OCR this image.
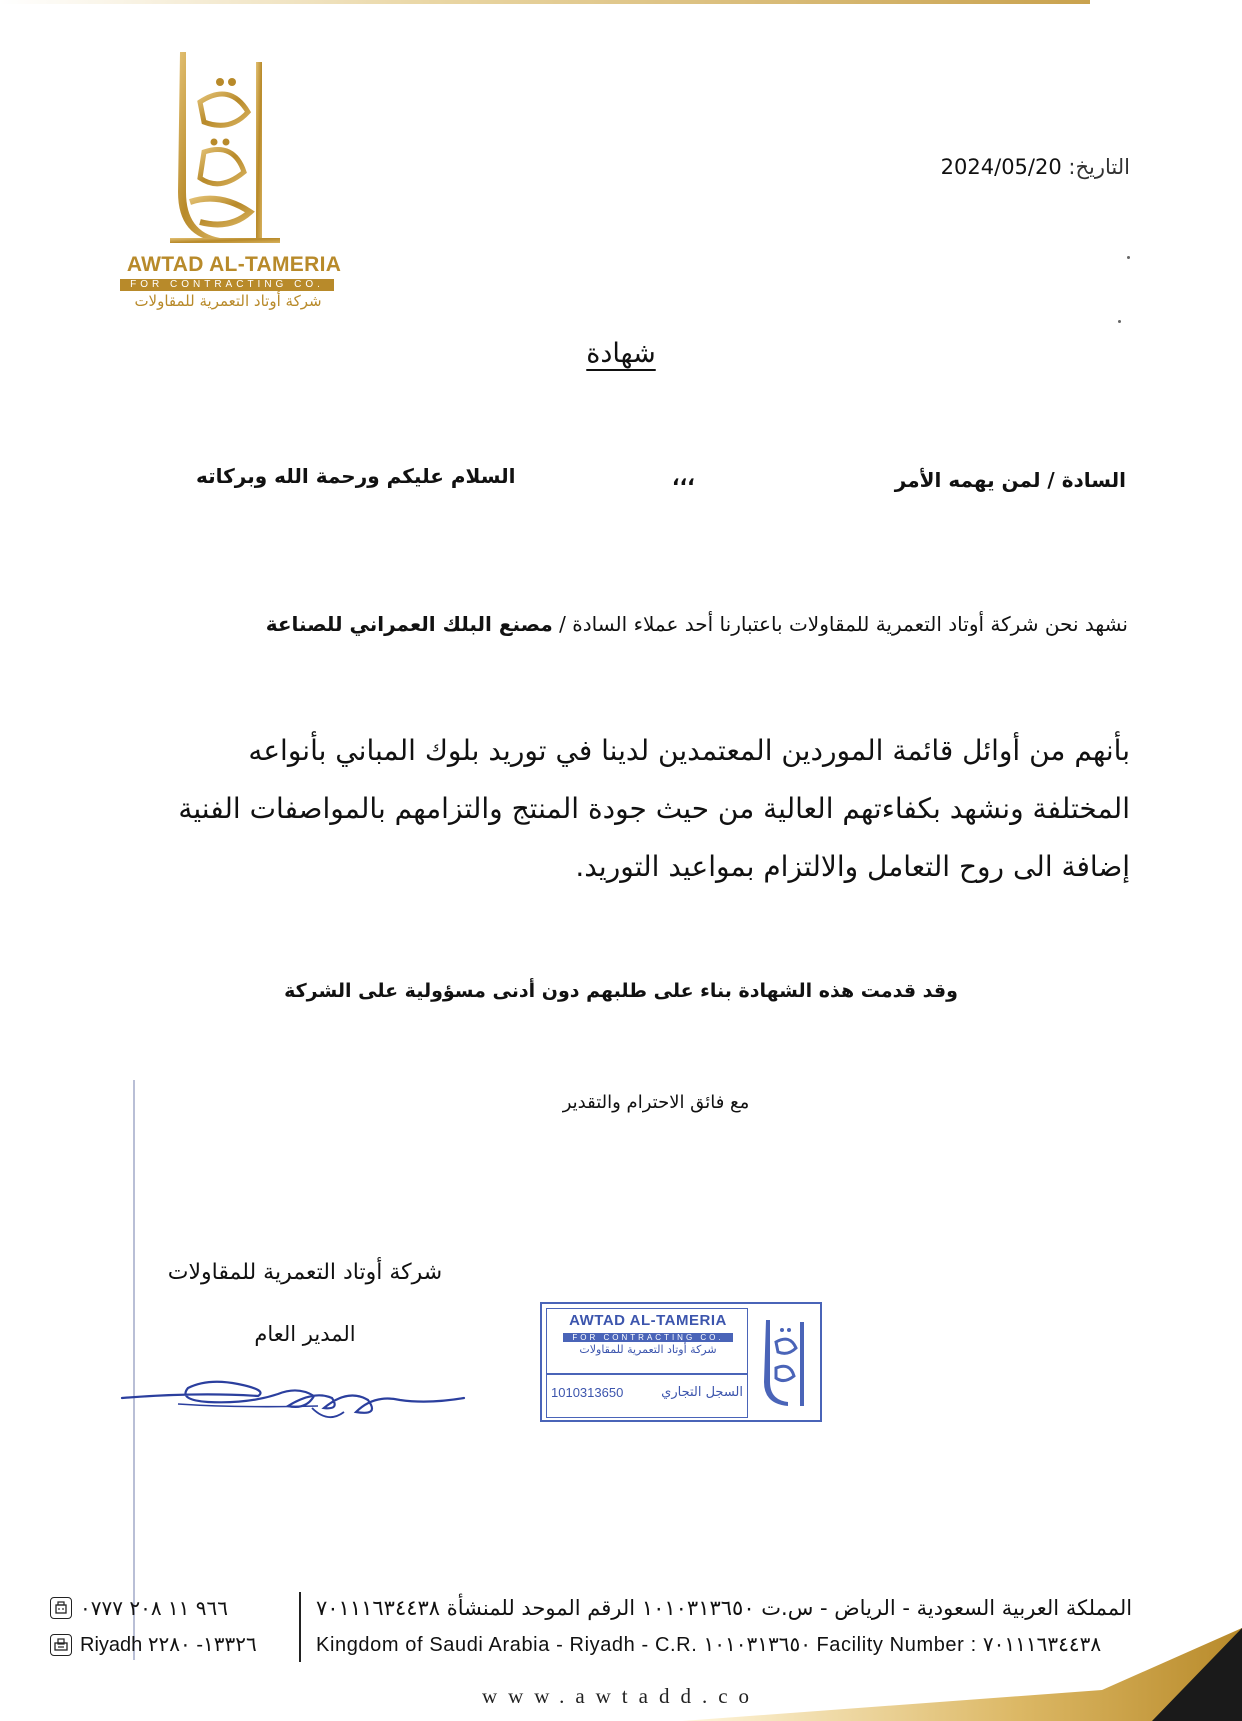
AWTAD AL-TAMERIA
FOR CONTRACTING CO.
شركة أوتاد التعمرية للمقاولات
التاريخ: 2024/05/20
شهادة
السادة / لمن يهمه الأمر
،،،
السلام عليكم ورحمة الله وبركاته
نشهد نحن شركة أوتاد التعمرية للمقاولات باعتبارنا أحد عملاء السادة / مصنع البلك العمراني للصناعة
بأنهم من أوائل قائمة الموردين المعتمدين لدينا في توريد بلوك المباني بأنواعه
المختلفة ونشهد بكفاءتهم العالية من حيث جودة المنتج والتزامهم بالمواصفات الفنية
إضافة الى روح التعامل والالتزام بمواعيد التوريد.
وقد قدمت هذه الشهادة بناء على طلبهم دون أدنى مسؤولية على الشركة
مع فائق الاحترام والتقدير
شركة أوتاد التعمرية للمقاولات
المدير العام
AWTAD AL-TAMERIA
FOR CONTRACTING CO.
شركة أوتاد التعمرية للمقاولات
السجل التجاري
1010313650
٩٦٦ ١١ ٢٠٨ ٠٧٧٧
Riyadh ١٣٣٢٦- ٢٢٨٠
المملكة العربية السعودية - الرياض - س.ت ١٠١٠٣١٣٦٥٠ الرقم الموحد للمنشأة ٧٠١١١٦٣٤٤٣٨
Kingdom of Saudi Arabia - Riyadh - C.R. ١٠١٠٣١٣٦٥٠ Facility Number : ٧٠١١١٦٣٤٤٣٨
www.awtadd.co
